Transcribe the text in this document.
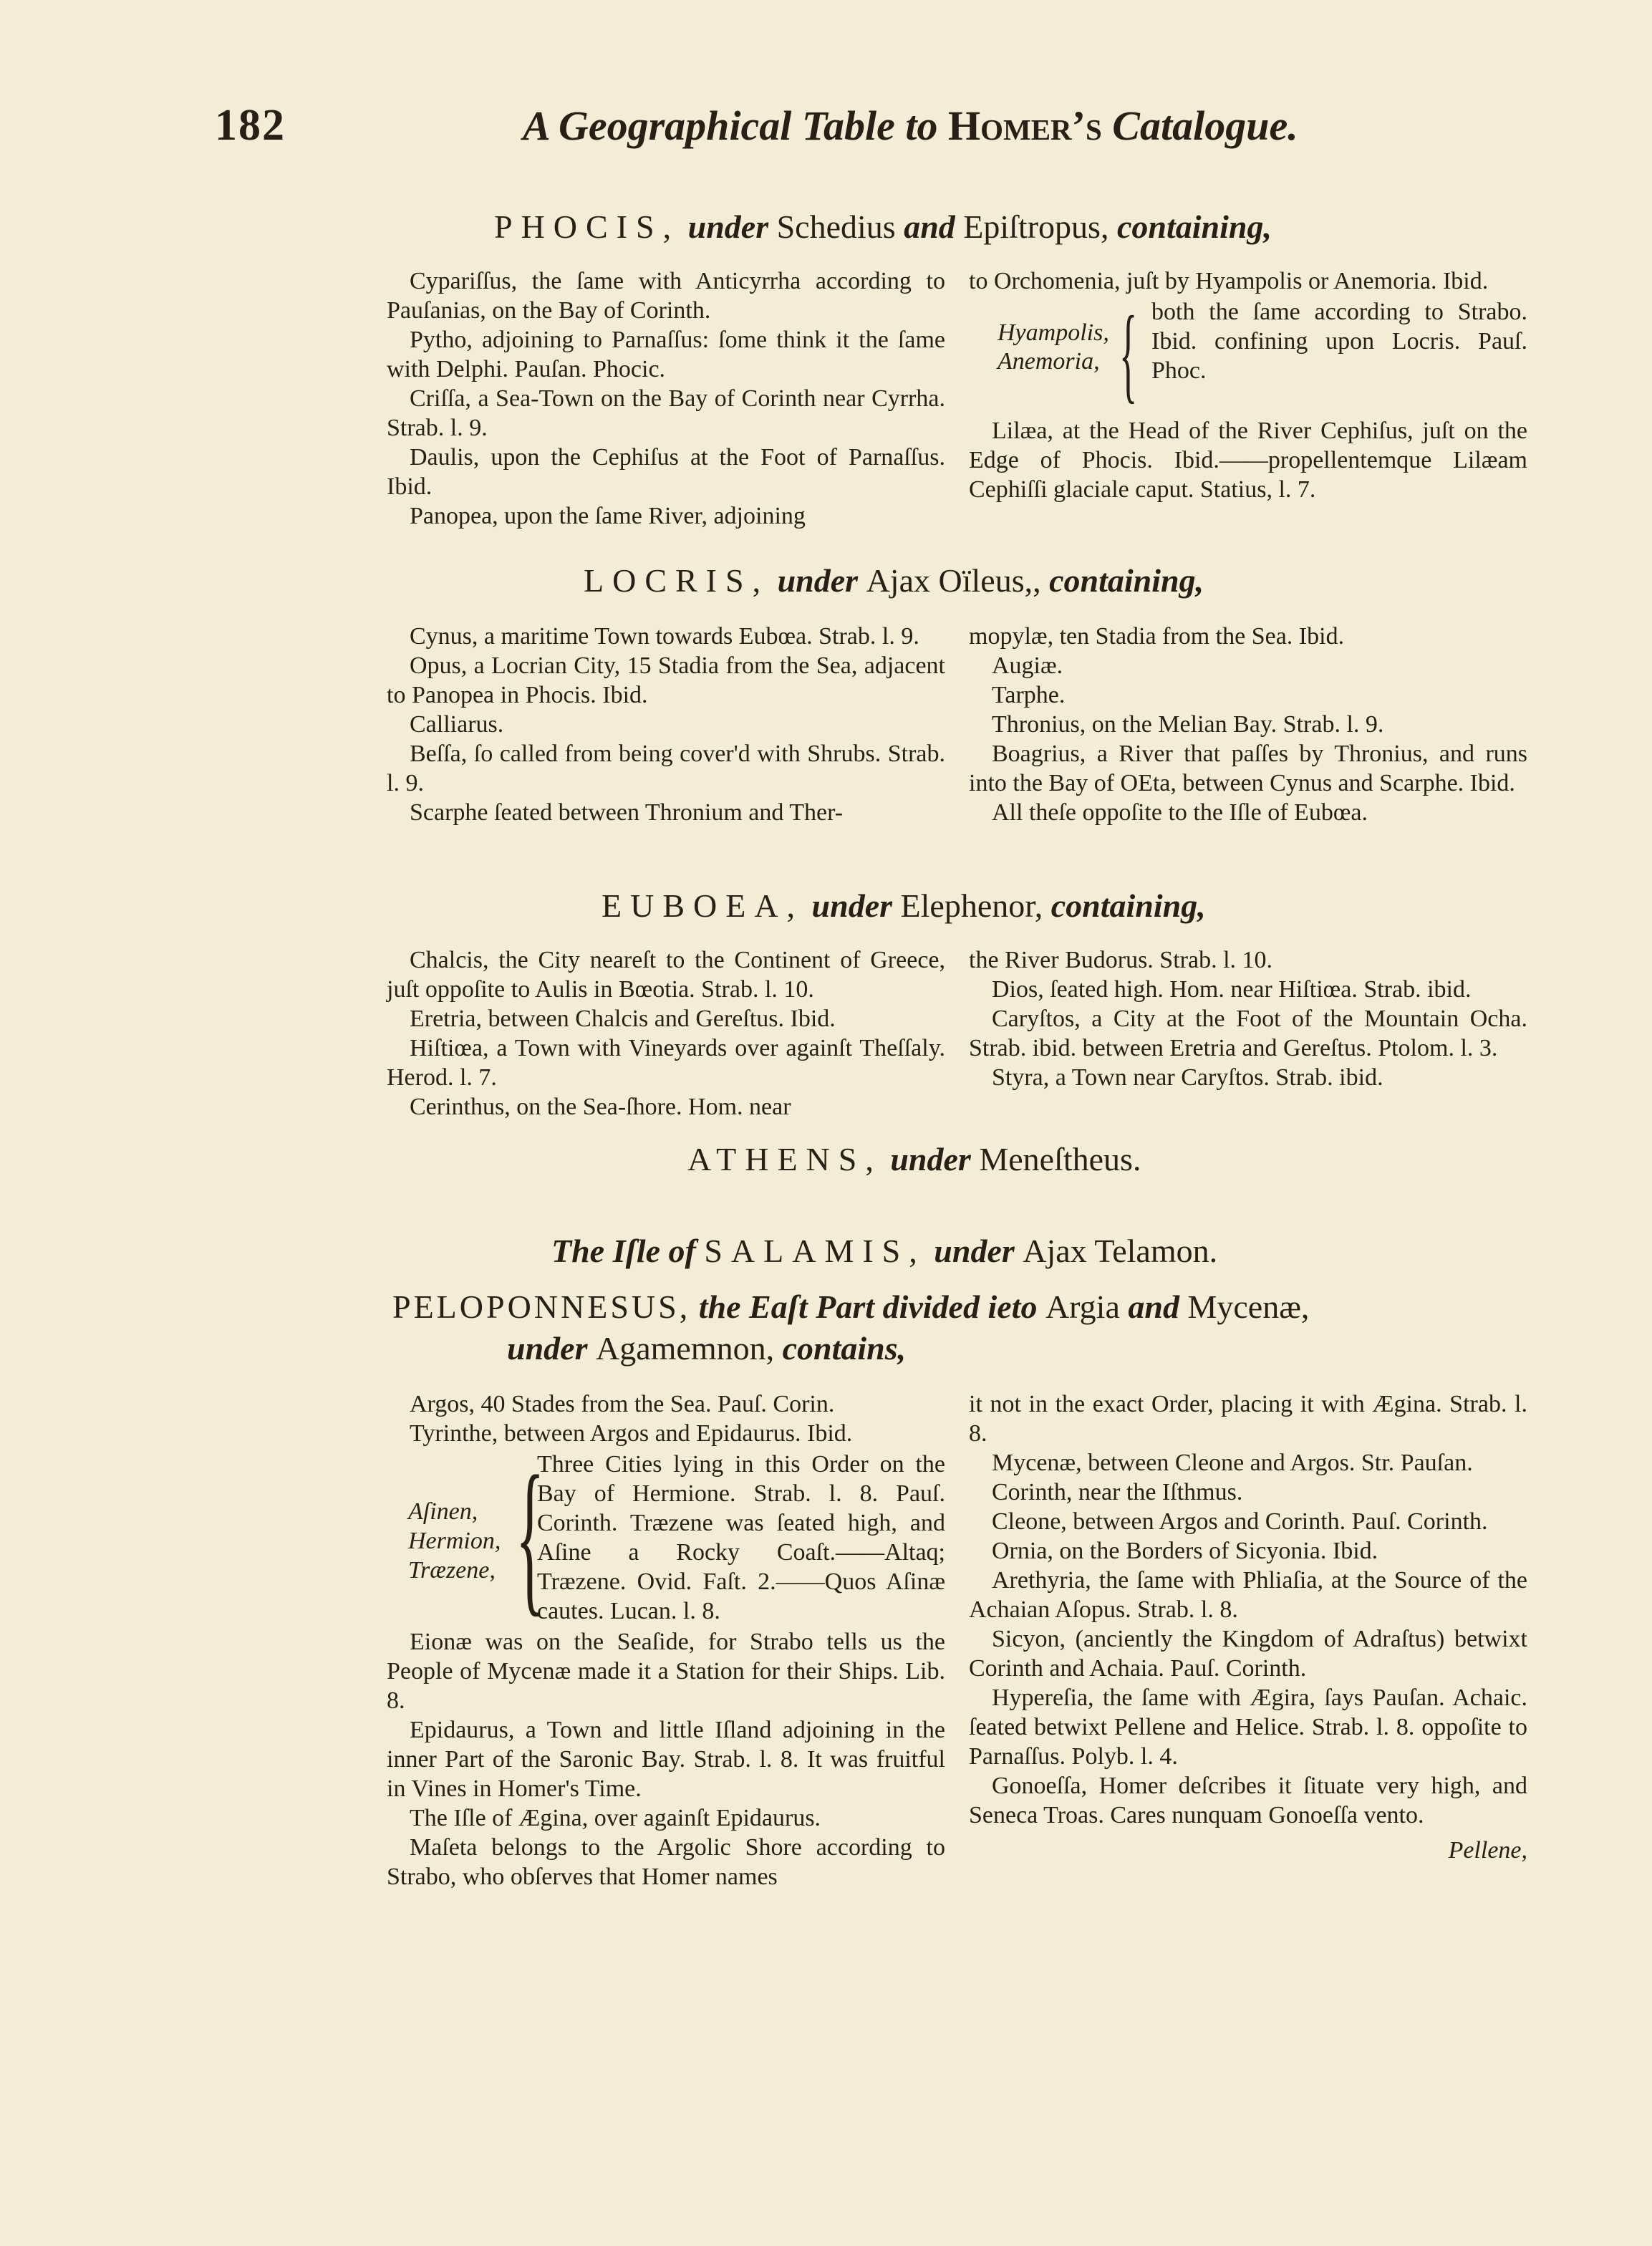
182	A Geographical Table to Homer’s Catalogue.
PHOCIS, under Schedius and Epiſtropus, containing,

Cypariſſus, the ſame with Anticyrrha according to Pauſanias, on the Bay of Corinth.

Pytho, adjoining to Parnaſſus: ſome think it the ſame with Delphi. Pauſan. Phocic.

Criſſa, a Sea-Town on the Bay of Corinth near Cyrrha. Strab. l. 9.

Daulis, upon the Cephiſus at the Foot of Parnaſſus. Ibid.

Panopea, upon the ſame River, adjoining

to Orchomenia, juſt by Hyampolis or Anemoria. Ibid.

Hyampolis,
Anemoria, { both the ſame according to Strabo. Ibid. confining upon Locris. Pauſ. Phoc.

Lilæa, at the Head of the River Cephiſus, juſt on the Edge of Phocis. Ibid.——propellentemque Lilæam Cephiſſi glaciale caput. Statius, l. 7.

LOCRIS, under Ajax Oïleus,, containing,

Cynus, a maritime Town towards Eubœa. Strab. l. 9.

Opus, a Locrian City, 15 Stadia from the Sea, adjacent to Panopea in Phocis. Ibid.

Calliarus.

Beſſa, ſo called from being cover'd with Shrubs. Strab. l. 9.

Scarphe ſeated between Thronium and Ther-

mopylæ, ten Stadia from the Sea. Ibid.

Augiæ.

Tarphe.

Thronius, on the Melian Bay. Strab. l. 9.

Boagrius, a River that paſſes by Thronius, and runs into the Bay of OEta, between Cynus and Scarphe. Ibid.

All theſe oppoſite to the Iſle of Eubœa.

EUBOEA, under Elephenor, containing,

Chalcis, the City neareſt to the Continent of Greece, juſt oppoſite to Aulis in Bœotia. Strab. l. 10.

Eretria, between Chalcis and Gereſtus. Ibid.

Hiſtiœa, a Town with Vineyards over againſt Theſſaly. Herod. l. 7.

Cerinthus, on the Sea-ſhore. Hom. near

the River Budorus. Strab. l. 10.

Dios, ſeated high. Hom. near Hiſtiœa. Strab. ibid.

Caryſtos, a City at the Foot of the Mountain Ocha. Strab. ibid. between Eretria and Gereſtus. Ptolom. l. 3.

Styra, a Town near Caryſtos. Strab. ibid.

ATHENS, under Meneſtheus.
The Iſle of SALAMIS, under Ajax Telamon.
PELOPONNESUS, the Eaſt Part divided ieto Argia and Mycenæ,
under Agamemnon, contains,

Argos, 40 Stades from the Sea. Pauſ. Corin.

Tyrinthe, between Argos and Epidaurus. Ibid.

Aſinen,
Hermion,
Træzene, {
Three Cities lying in this Order on the Bay of Hermione. Strab. l. 8. Pauſ. Corinth. Træzene was ſeated high, and Aſine a Rocky Coaſt.——Altaq; Træzene. Ovid. Faſt. 2.——Quos Aſinæ cautes. Lucan. l. 8.

Eionæ was on the Seaſide, for Strabo tells us the People of Mycenæ made it a Station for their Ships. Lib. 8.

Epidaurus, a Town and little Iſland adjoining in the inner Part of the Saronic Bay. Strab. l. 8. It was fruitful in Vines in Homer's Time.

The Iſle of Ægina, over againſt Epidaurus.

Maſeta belongs to the Argolic Shore according to Strabo, who obſerves that Homer names

it not in the exact Order, placing it with Ægina. Strab. l. 8.

Mycenæ, between Cleone and Argos. Str. Pauſan.

Corinth, near the Iſthmus.

Cleone, between Argos and Corinth. Pauſ. Corinth.

Ornia, on the Borders of Sicyonia. Ibid.

Arethyria, the ſame with Phliaſia, at the Source of the Achaian Aſopus. Strab. l. 8.

Sicyon, (anciently the Kingdom of Adraſtus) betwixt Corinth and Achaia. Pauſ. Corinth.

Hypereſia, the ſame with Ægira, ſays Pauſan. Achaic. ſeated betwixt Pellene and Helice. Strab. l. 8. oppoſite to Parnaſſus. Polyb. l. 4.

Gonoeſſa, Homer deſcribes it ſituate very high, and Seneca Troas. Cares nunquam Gonoeſſa vento.

Pellene,
